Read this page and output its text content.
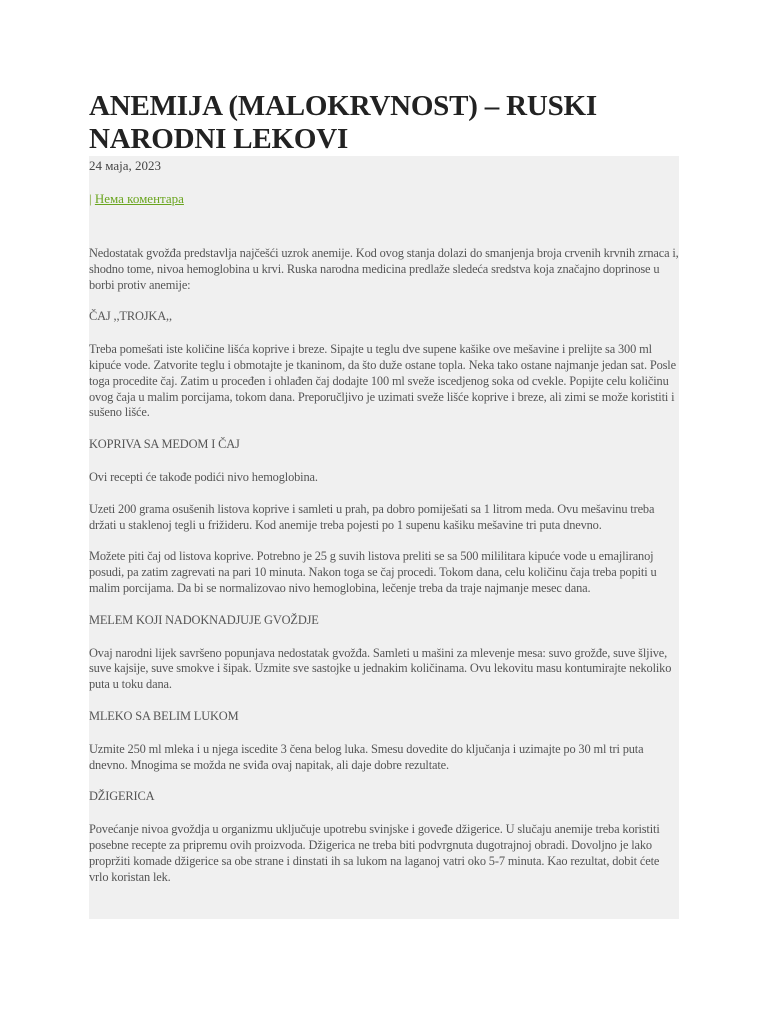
ANEMIJA (MALOKRVNOST) – RUSKI NARODNI LEKOVI

24 маја, 2023

| Нема коментара

Nedostatak gvožđa predstavlja najčešći uzrok anemije. Kod ovog stanja dolazi do smanjenja broja crvenih krvnih zrnaca i, shodno tome, nivoa hemoglobina u krvi. Ruska narodna medicina predlaže sledeća sredstva koja značajno doprinose u borbi protiv anemije:

ČAJ ,,TROJKA,,

Treba pomešati iste količine lišća koprive i breze. Sipajte u teglu dve supene kašike ove mešavine i prelijte sa 300 ml kipuće vode. Zatvorite teglu i obmotajte je tkaninom, da što duže ostane topla. Neka tako ostane najmanje jedan sat. Posle toga procedite čaj. Zatim u procеđen i ohlađen čaj dodajte 100 ml sveže iscedjenog soka od cvekle. Popijte celu količinu ovog čaja u malim porcijama, tokom dana. Preporučljivo je uzimati sveže lišće koprive i breze, ali zimi se može koristiti i sušeno lišće.

KOPRIVA SA MEDOM I ČAJ

Ovi recepti će takođe podići nivo hemoglobina.

Uzeti 200 grama osušenih listova koprive i samleti u prah, pa dobro pomiješati sa 1 litrom meda. Ovu mešavinu treba držati u staklenoj tegli u frižideru. Kod anemije treba pojesti po 1 supenu kašiku mešavine tri puta dnevno.

Možete piti čaj od listova koprive. Potrebno je 25 g suvih listova preliti se sa 500 mililitara kipuće vode u emajliranoj posudi, pa zatim zagrevati na pari 10 minuta. Nakon toga se čaj procedi. Tokom dana, celu količinu čaja treba popiti u malim porcijama. Da bi se normalizovao nivo hemoglobina, lečenje treba da traje najmanje mesec dana.

MELEM KOJI NADOKNADJUJE GVOŽDJE

Ovaj narodni lijek savršeno popunjava nedostatak gvožđa. Samleti u mašini za mlevenje mesa: suvo grožđe, suve šljive, suve kajsije, suve smokve i šipak. Uzmite sve sastojke u jednakim količinama. Ovu lekovitu masu kontumirajte nekoliko puta u toku dana.

MLEKO SA BELIM LUKOM

Uzmite 250 ml mleka i u njega iscedite 3 čena belog luka. Smesu dovedite do ključanja i uzimajte po 30 ml tri puta dnevno. Mnogima se možda ne sviđa ovaj napitak, ali daje dobre rezultate.

DŽIGERICA

Povećanje nivoa gvoždja u organizmu uključuje upotrebu svinjske i goveđe džigerice. U slučaju anemije treba koristiti posebne recepte za pripremu ovih proizvoda. Džigerica ne treba biti podvrgnuta dugotrajnoj obradi. Dovoljno je lako propržiti komade džigerice sa obe strane i dinstati ih sa lukom na laganoj vatri oko 5-7 minuta. Kao rezultat, dobit ćete vrlo koristan lek.
